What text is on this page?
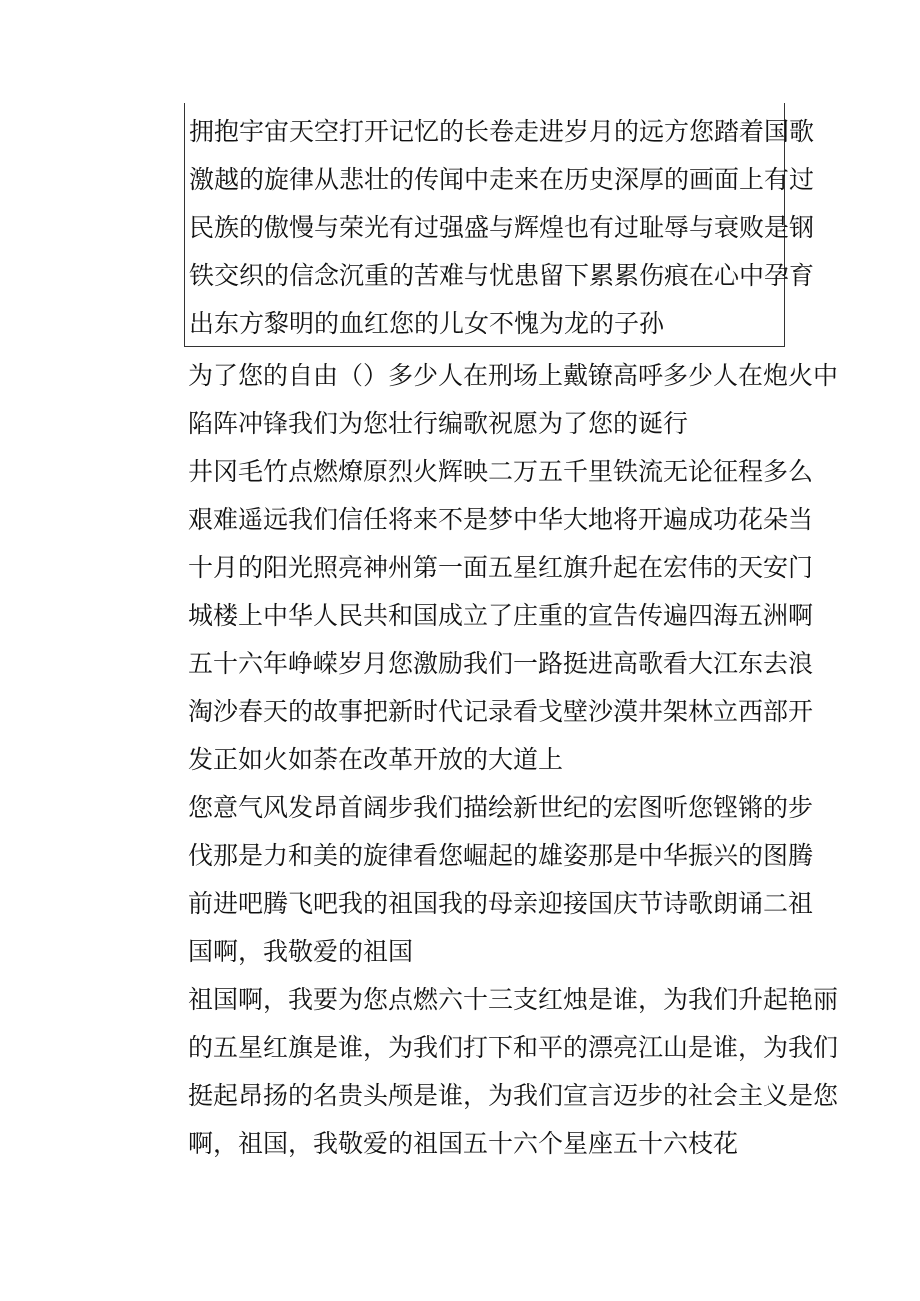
拥抱宇宙天空打开记忆的长卷走进岁月的远方您踏着国歌
激越的旋律从悲壮的传闻中走来在历史深厚的画面上有过
民族的傲慢与荣光有过强盛与辉煌也有过耻辱与衰败是钢
铁交织的信念沉重的苦难与忧患留下累累伤痕在心中孕育
出东方黎明的血红您的儿女不愧为龙的子孙
为了您的自由（）多少人在刑场上戴镣高呼多少人在炮火中
陷阵冲锋我们为您壮行编歌祝愿为了您的诞行
井冈毛竹点燃燎原烈火辉映二万五千里铁流无论征程多么
艰难遥远我们信任将来不是梦中华大地将开遍成功花朵当
十月的阳光照亮神州第一面五星红旗升起在宏伟的天安门
城楼上中华人民共和国成立了庄重的宣告传遍四海五洲啊
五十六年峥嵘岁月您激励我们一路挺进高歌看大江东去浪
淘沙春天的故事把新时代记录看戈壁沙漠井架林立西部开
发正如火如荼在改革开放的大道上
您意气风发昂首阔步我们描绘新世纪的宏图听您铿锵的步
伐那是力和美的旋律看您崛起的雄姿那是中华振兴的图腾
前进吧腾飞吧我的祖国我的母亲迎接国庆节诗歌朗诵二祖
国啊，我敬爱的祖国
祖国啊，我要为您点燃六十三支红烛是谁，为我们升起艳丽
的五星红旗是谁，为我们打下和平的漂亮江山是谁，为我们
挺起昂扬的名贵头颅是谁，为我们宣言迈步的社会主义是您
啊，祖国，我敬爱的祖国五十六个星座五十六枝花
